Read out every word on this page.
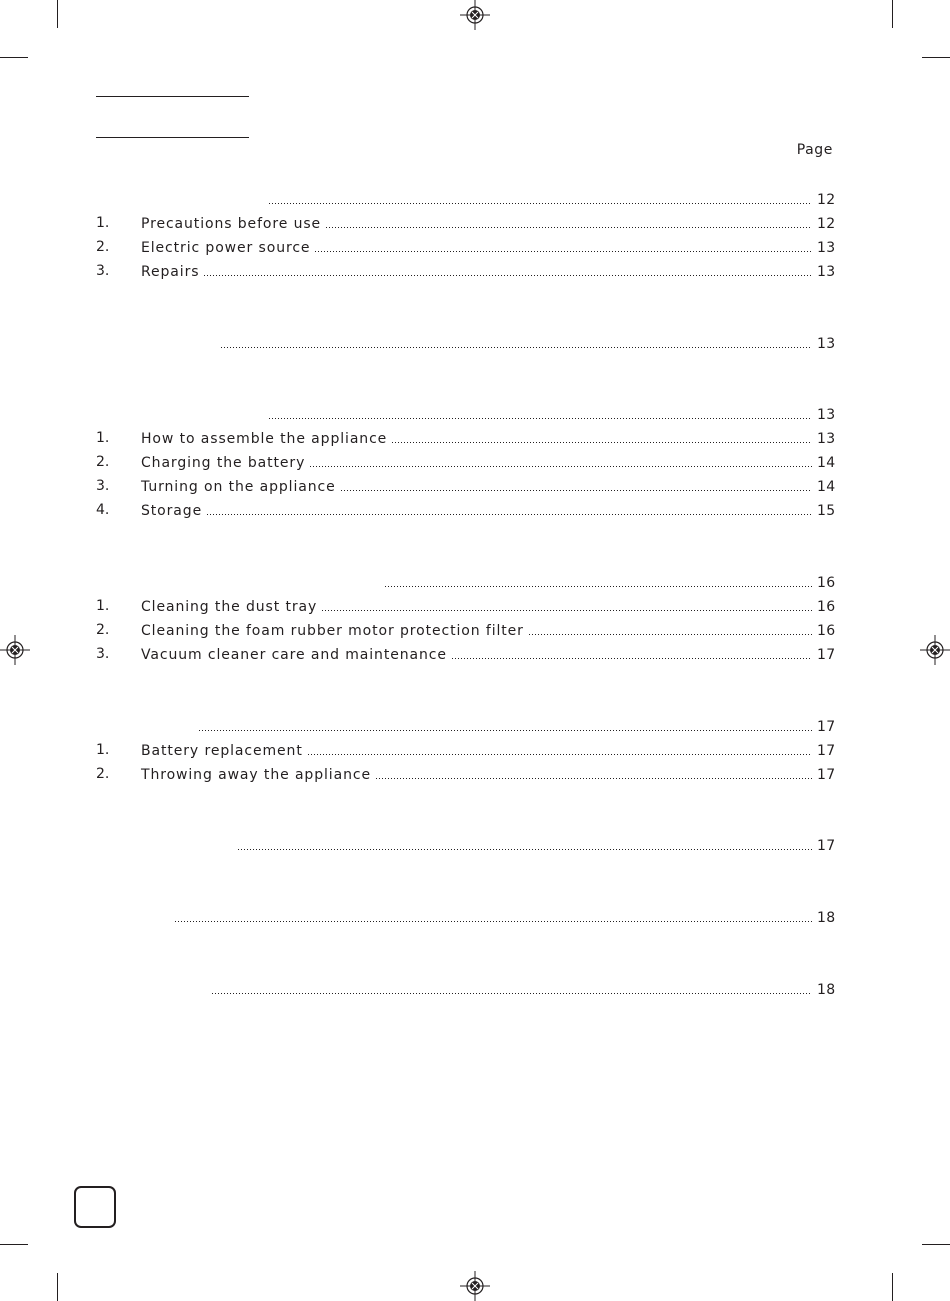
Page
12
1. Precautions before use	12
2. Electric power source	13
3. Repairs	13
13
13
1. How to assemble the appliance	13
2. Charging the battery	14
3. Turning on the appliance	14
4. Storage	15
16
1. Cleaning the dust tray	16
2. Cleaning the foam rubber motor protection filter	16
3. Vacuum cleaner care and maintenance	17
17
1. Battery replacement	17
2. Throwing away the appliance	17
17
18
18
